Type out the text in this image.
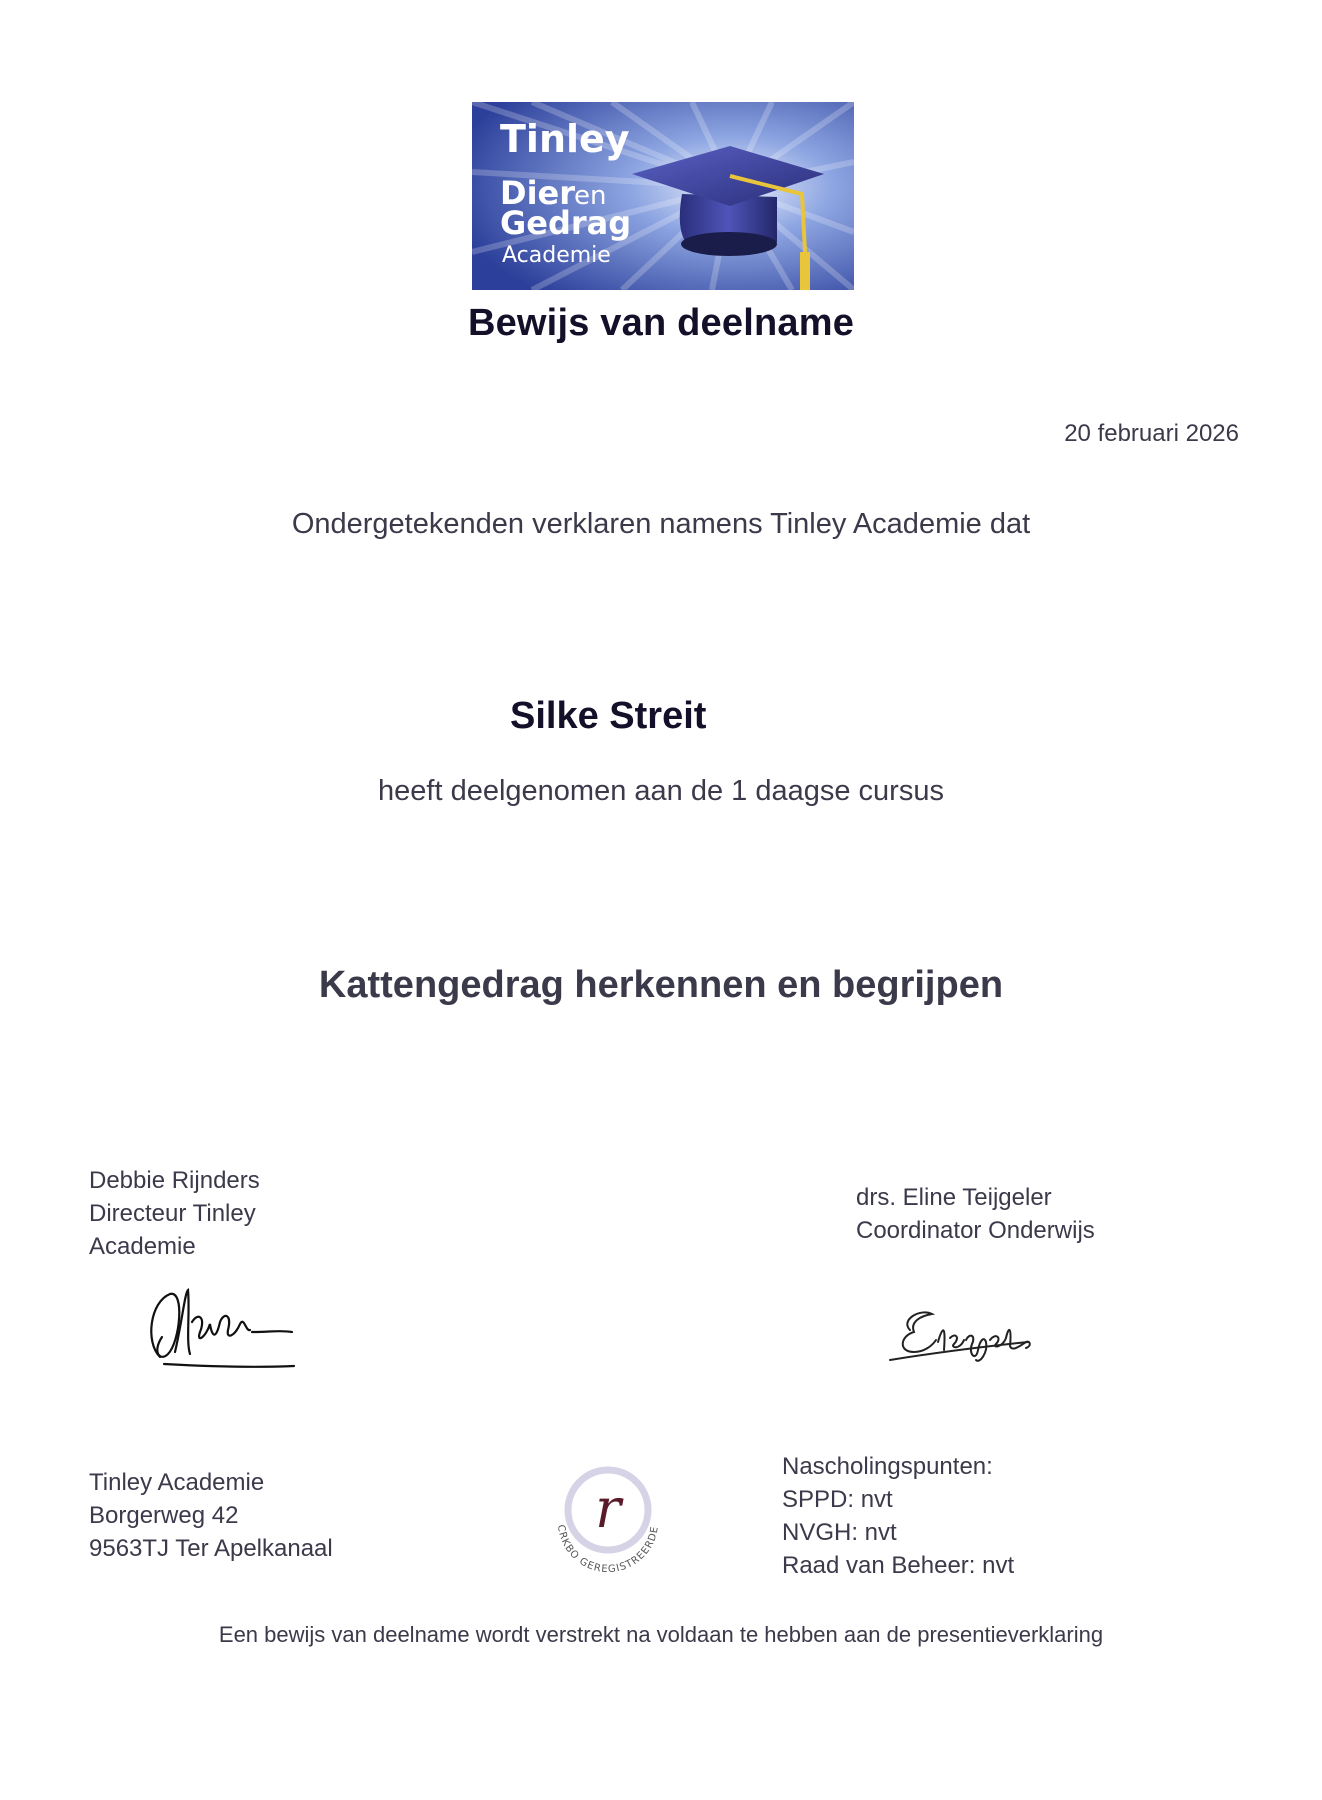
Tinley
Dier
en
Gedrag
Academie
Bewijs van deelname
20 februari 2026
Ondergetekenden verklaren namens Tinley Academie dat
Silke Streit
heeft deelgenomen aan de 1 daagse cursus
Kattengedrag herkennen en begrijpen
Debbie Rijnders
Directeur Tinley
Academie
drs. Eline Teijgeler
Coordinator Onderwijs
Tinley Academie
Borgerweg 42
9563TJ Ter Apelkanaal
r
CRKBO GEREGISTREERDE
Nascholingspunten:
SPPD: nvt
NVGH: nvt
Raad van Beheer: nvt
Een bewijs van deelname wordt verstrekt na voldaan te hebben aan de presentieverklaring
